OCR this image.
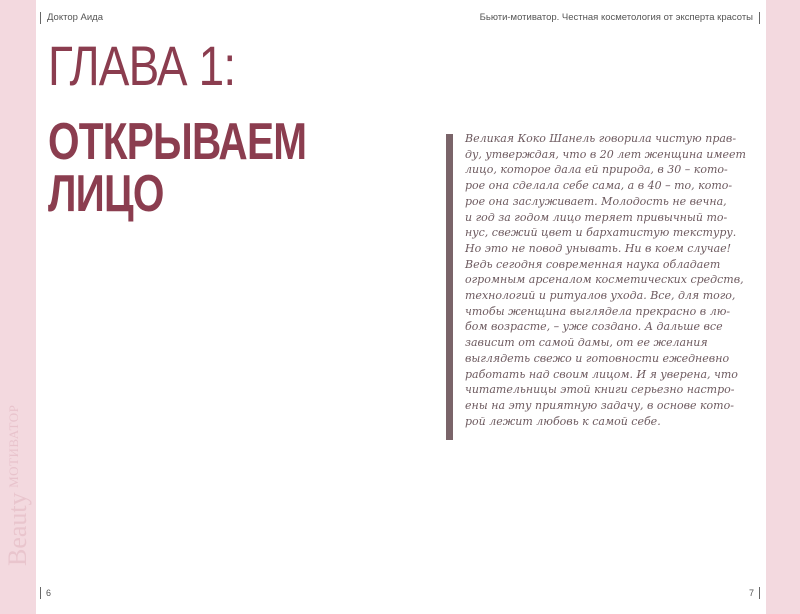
Доктор Аида	Бьюти-мотиватор. Честная косметология от эксперта красоты
ГЛАВА 1:
ОТКРЫВАЕМ
ЛИЦО
Великая Коко Шанель говорила чистую прав-
ду, утверждая, что в 20 лет женщина имеет
лицо, которое дала ей природа, в 30 – кото-
рое она сделала себе сама, а в 40 – то, кото-
рое она заслуживает. Молодость не вечна,
и год за годом лицо теряет привычный то-
нус, свежий цвет и бархатистую текстуру.
Но это не повод унывать. Ни в коем случае!
Ведь сегодня современная наука обладает
огромным арсеналом косметических средств,
технологий и ритуалов ухода. Все, для того,
чтобы женщина выглядела прекрасно в лю-
бом возрасте, – уже создано. А дальше все
зависит от самой дамы, от ее желания
выглядеть свежо и готовности ежедневно
работать над своим лицом. И я уверена, что
читательницы этой книги серьезно настро-
ены на эту приятную задачу, в основе кото-
рой лежит любовь к самой себе.
Beauty $^{МОТИВАТОР}$
6	7
